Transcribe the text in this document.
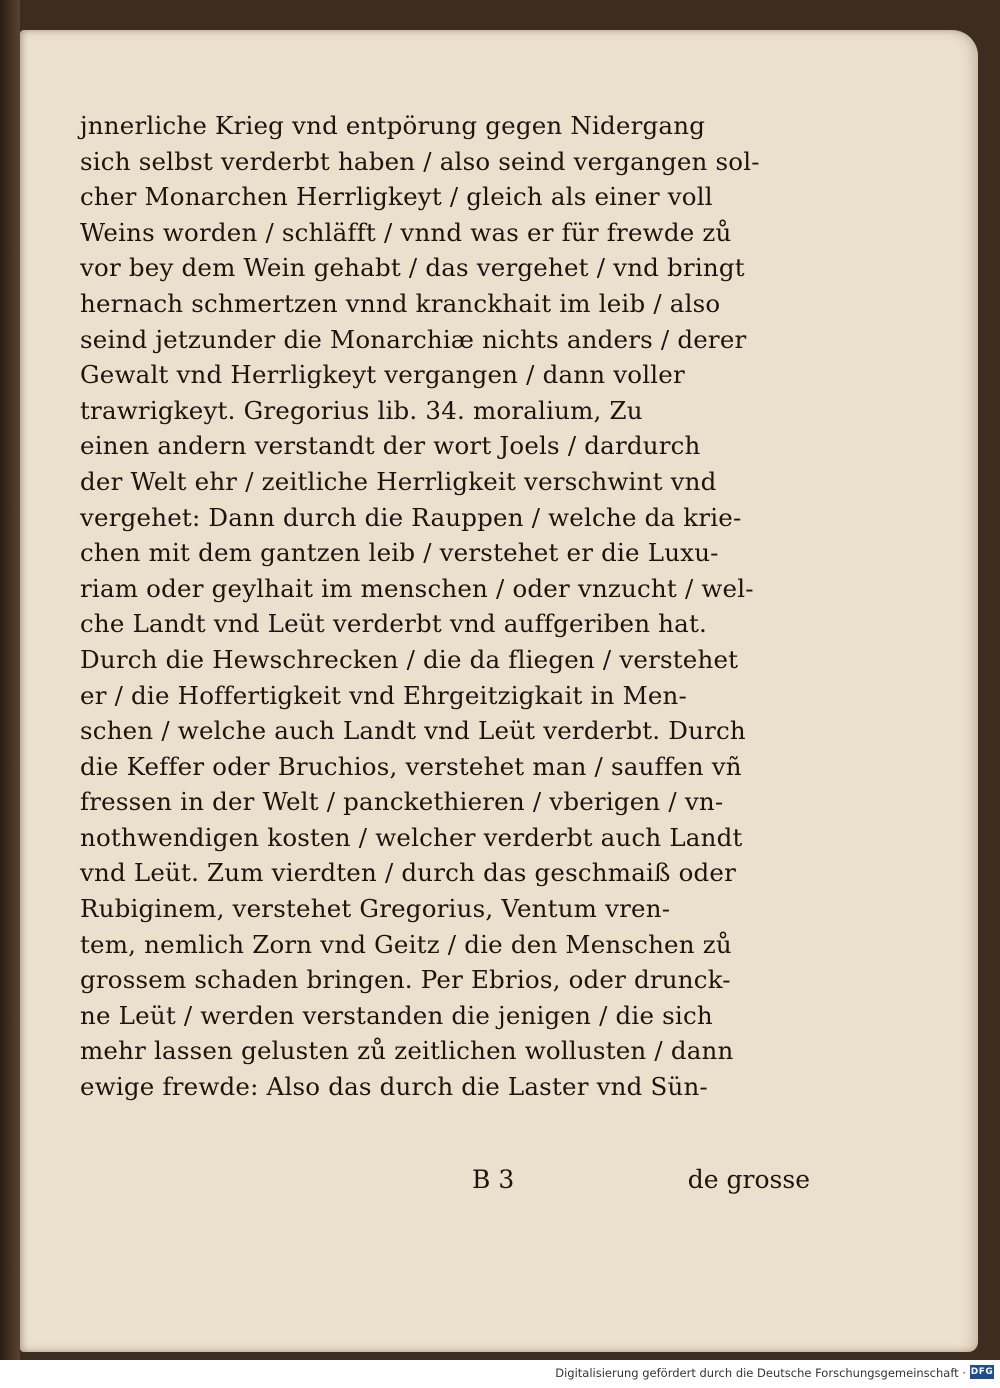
jnnerliche Krieg vnd entpörung gegen Nidergang
sich selbst verderbt haben / also seind vergangen sol-
cher Monarchen Herrligkeyt / gleich als einer voll
Weins worden / schläfft / vnnd was er für frewde zů
vor bey dem Wein gehabt / das vergehet / vnd bringt
hernach schmertzen vnnd kranckhait im leib / also
seind jetzunder die Monarchiæ nichts anders / derer
Gewalt vnd Herrligkeyt vergangen / dann voller
trawrigkeyt. Gregorius lib. 34. moralium, Zu
einen andern verstandt der wort Joels / dardurch
der Welt ehr / zeitliche Herrligkeit verschwint vnd
vergehet: Dann durch die Rauppen / welche da krie-
chen mit dem gantzen leib / verstehet er die Luxu-
riam oder geylhait im menschen / oder vnzucht / wel-
che Landt vnd Leüt verderbt vnd auffgeriben hat.
Durch die Hewschrecken / die da fliegen / verstehet
er / die Hoffertigkeit vnd Ehrgeitzigkait in Men-
schen / welche auch Landt vnd Leüt verderbt. Durch
die Keffer oder Bruchios, verstehet man / sauffen vñ
fressen in der Welt / panckethieren / vberigen / vn-
nothwendigen kosten / welcher verderbt auch Landt
vnd Leüt. Zum vierdten / durch das geschmaiß oder
Rubiginem, verstehet Gregorius, Ventum vren-
tem, nemlich Zorn vnd Geitz / die den Menschen zů
grossem schaden bringen. Per Ebrios, oder drunck-
ne Leüt / werden verstanden die jenigen / die sich
mehr lassen gelusten zů zeitlichen wollusten / dann
ewige frewde: Also das durch die Laster vnd Sün-
B 3	de grosse
Digitalisierung gefördert durch die Deutsche Forschungsgemeinschaft · DFG
